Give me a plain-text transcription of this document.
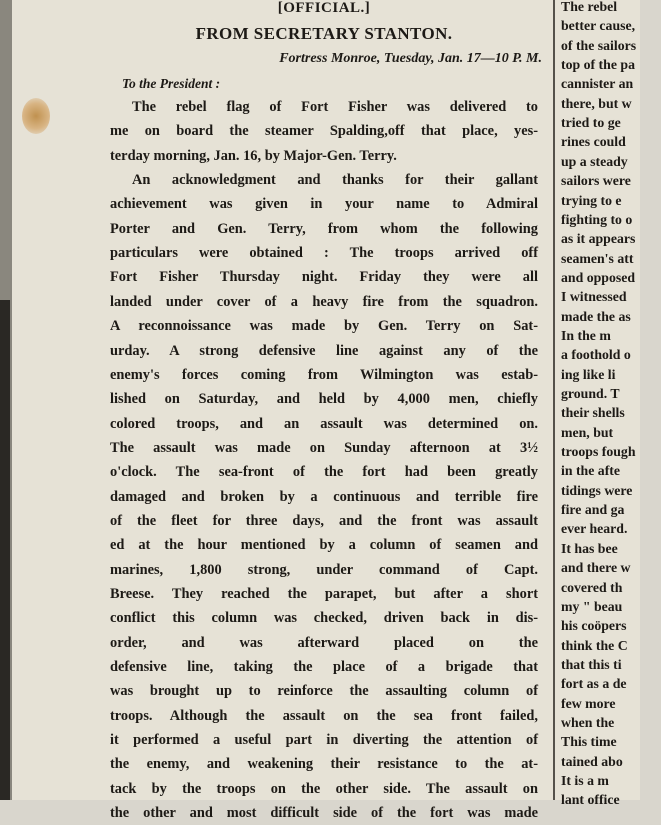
[OFFICIAL.]
FROM SECRETARY STANTON.
Fortress Monroe, Tuesday, Jan. 17—10 P. M.
To the President :
The rebel flag of Fort Fisher was delivered to
me on board the steamer Spalding,off that place, yes-
terday morning, Jan. 16, by Major-Gen. Terry.
An acknowledgment and thanks for their gallant
achievement was given in your name to Admiral
Porter and Gen. Terry, from whom the following
particulars were obtained : The troops arrived off
Fort Fisher Thursday night. Friday they were all
landed under cover of a heavy fire from the squadron.
A reconnoissance was made by Gen. Terry on Sat-
urday. A strong defensive line against any of the
enemy's forces coming from Wilmington was estab-
lished on Saturday, and held by 4,000 men, chiefly
colored troops, and an assault was determined on.
The assault was made on Sunday afternoon at 3½
o'clock. The sea-front of the fort had been greatly
damaged and broken by a continuous and terrible fire
of the fleet for three days, and the front was assault
ed at the hour mentioned by a column of seamen and
marines, 1,800 strong, under command of Capt.
Breese. They reached the parapet, but after a short
conflict this column was checked, driven back in dis-
order, and was afterward placed on the
defensive line, taking the place of a brigade that
was brought up to reinforce the assaulting column of
troops. Although the assault on the sea front failed,
it performed a useful part in diverting the attention of
the enemy, and weakening their resistance to the at-
tack by the troops on the other side. The assault on
the other and most difficult side of the fort was made
The rebel
better cause,
of the sailors
top of the pa
cannister an
there, but w
tried to ge
rines could
up a steady
sailors were
trying to e
fighting to o
as it appears
seamen's att
and opposed
I witnessed
made the as
In the m
a foothold o
ing like li
ground. T
their shells
men, but
troops fough
in the afte
tidings were
fire and ga
ever heard.
It has bee
and there w
covered th
my " beau
his coöpers
think the C
that this ti
fort as a de
few more
when the
This time
tained abo
It is a m
lant office
